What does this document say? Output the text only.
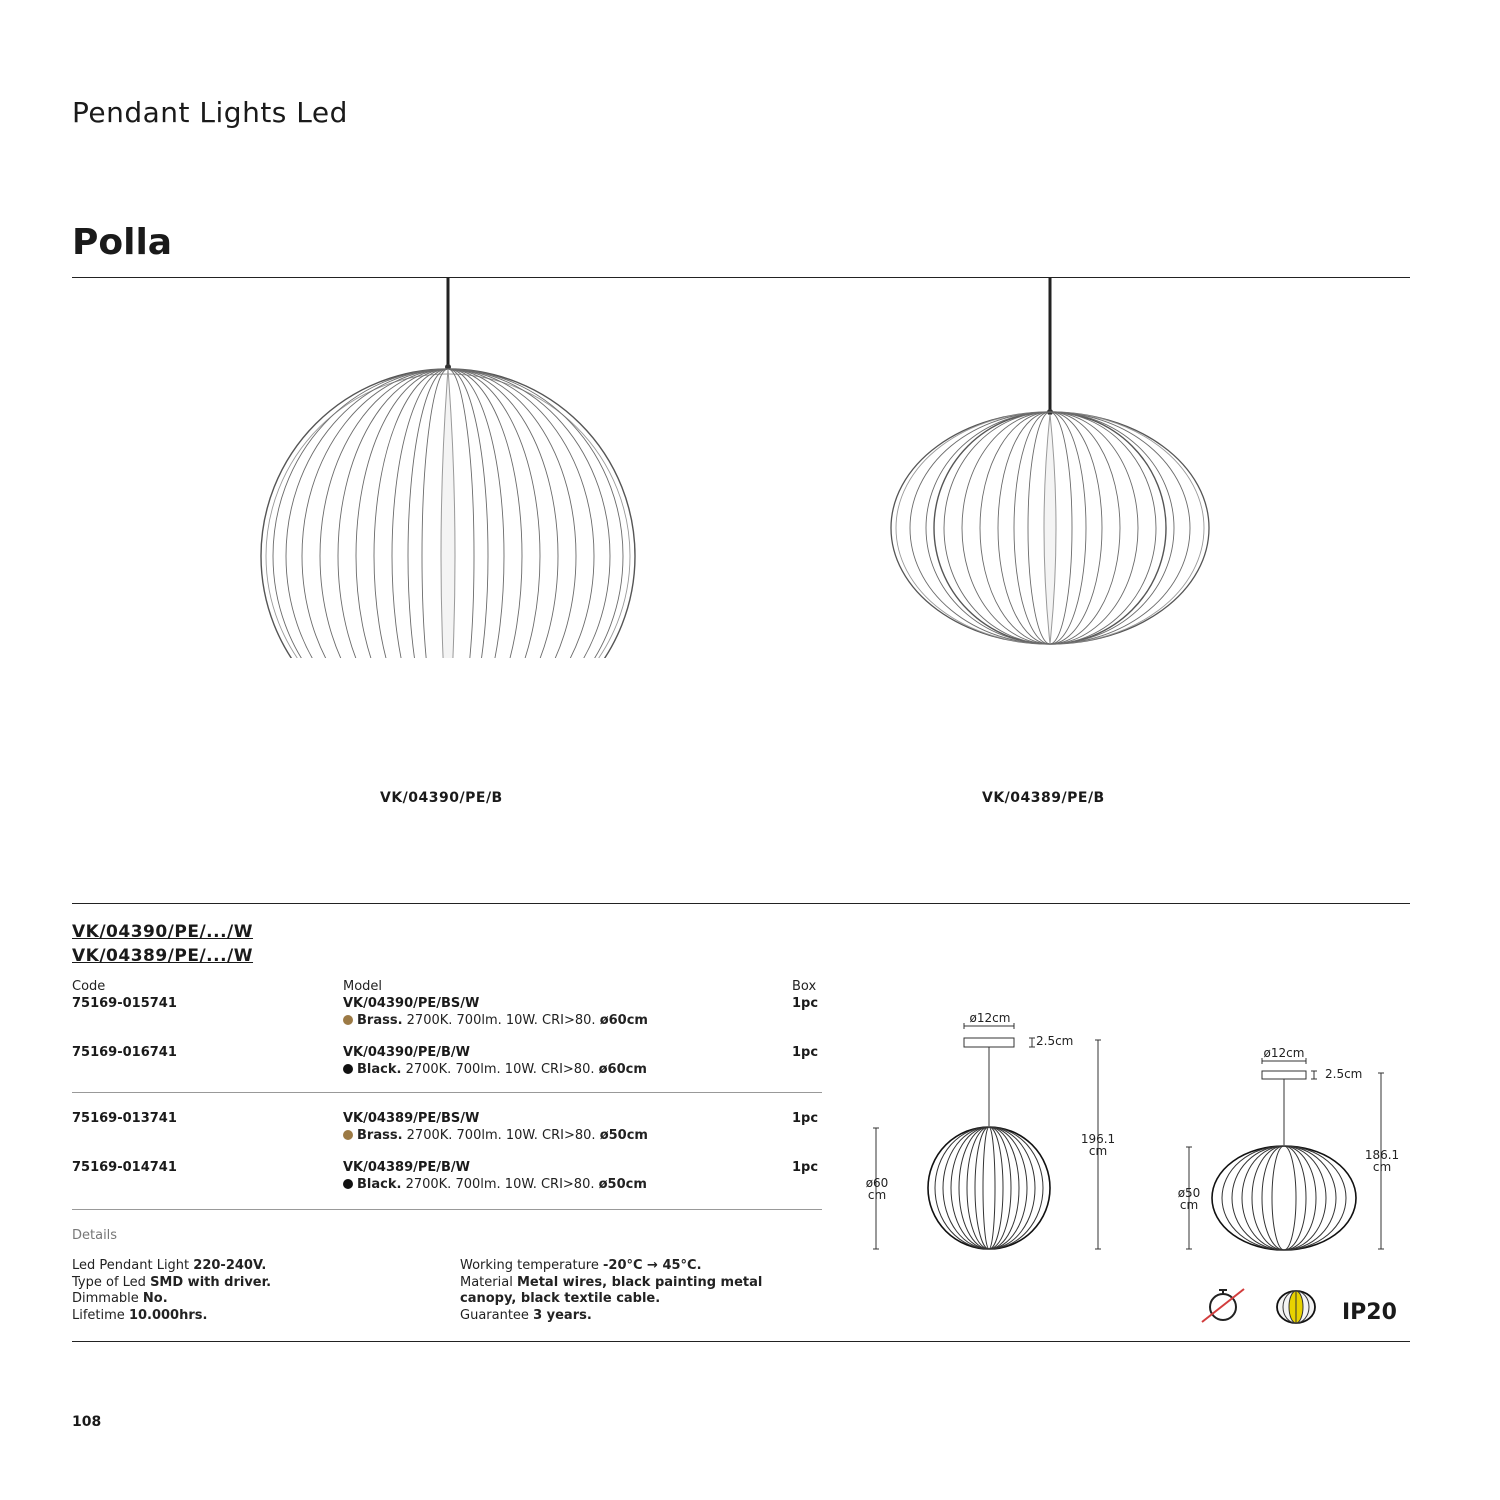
Pendant Lights Led
Polla
VK/04390/PE/B	VK/04389/PE/B
VK/04390/PE/.../W
VK/04389/PE/.../W
Code	Model	Box
75169-015741	VK/04390/PE/BS/W	1pc
Brass. 2700K. 700lm. 10W. CRI>80. ø60cm
75169-016741	VK/04390/PE/B/W	1pc
Black. 2700K. 700lm. 10W. CRI>80. ø60cm
75169-013741	VK/04389/PE/BS/W	1pc
Brass. 2700K. 700lm. 10W. CRI>80. ø50cm
75169-014741	VK/04389/PE/B/W	1pc
Black. 2700K. 700lm. 10W. CRI>80. ø50cm
Details
Led Pendant Light 220-240V.
Type of Led SMD with driver.
Dimmable No.
Lifetime 10.000hrs.
Working temperature -20°C → 45°C.
Material Metal wires, black painting metal
canopy, black textile cable.
Guarantee 3 years.
ø12cm
2.5cm
196.1
cm
ø60
cm
ø12cm
2.5cm
186.1
cm
ø50
cm
IP20
108
